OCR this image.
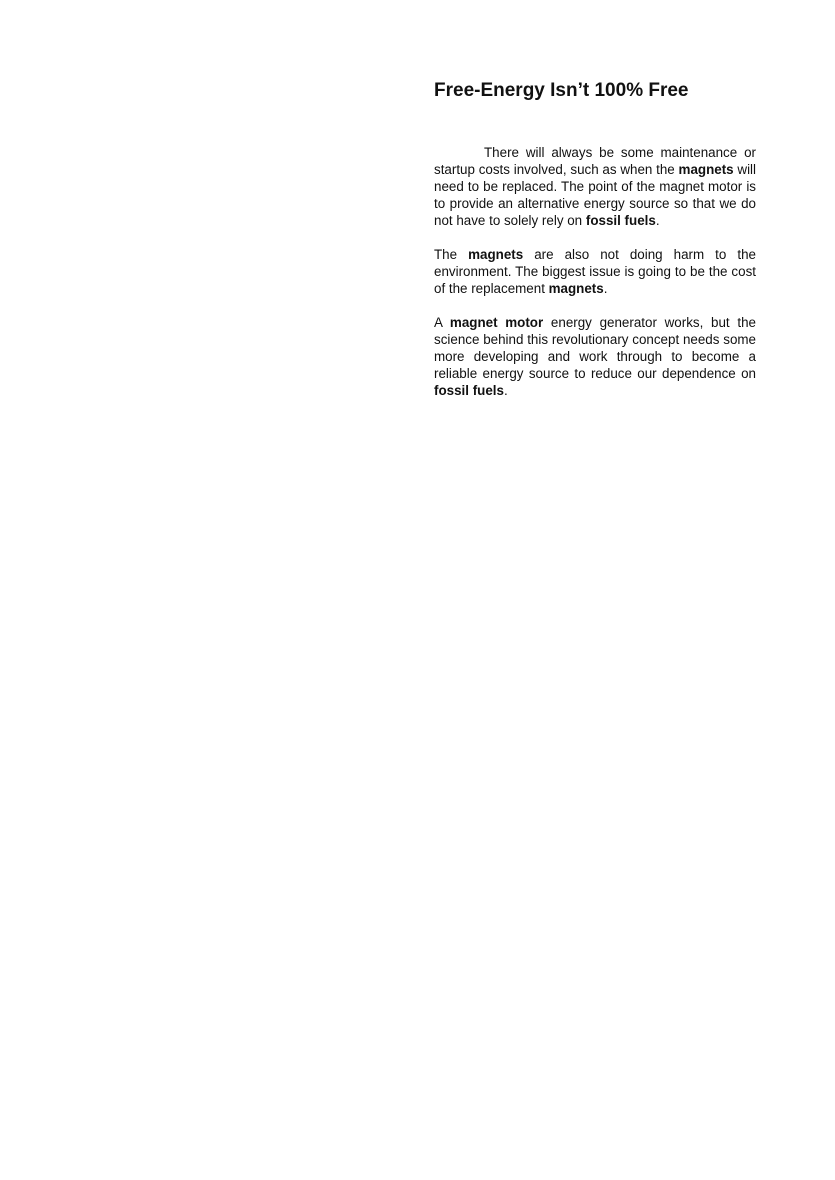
Free-Energy Isn’t 100% Free

There will always be some maintenance or startup costs involved, such as when the magnets will need to be replaced. The point of the magnet motor is to provide an alternative energy source so that we do not have to solely rely on fossil fuels.

The magnets are also not doing harm to the environment. The biggest issue is going to be the cost of the replacement magnets.

A magnet motor energy generator works, but the science behind this revolutionary concept needs some more developing and work through to become a reliable energy source to reduce our dependence on fossil fuels.
